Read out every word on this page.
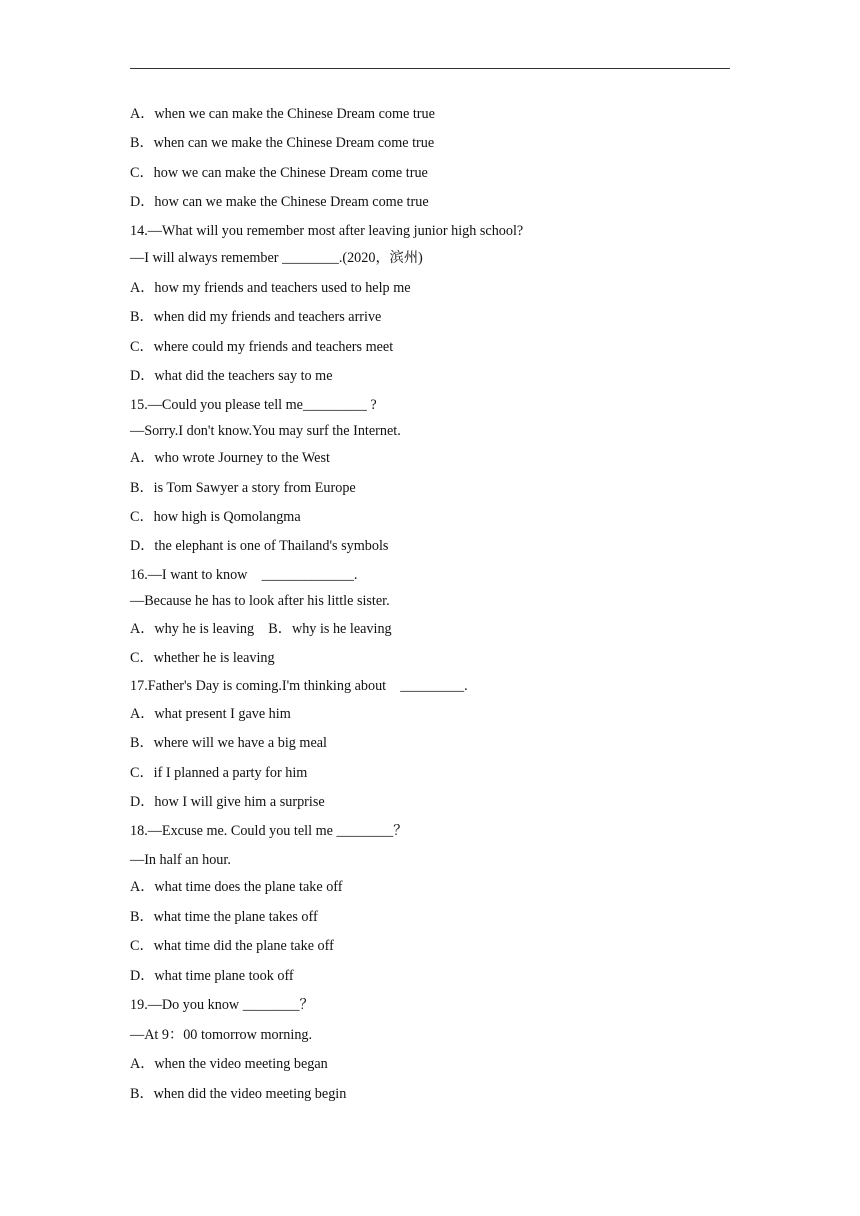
A．when we can make the Chinese Dream come true
B．when can we make the Chinese Dream come true
C．how we can make the Chinese Dream come true
D．how can we make the Chinese Dream come true
14.—What will you remember most after leaving junior high school?
—I will always remember ________.(2020，滨州)
A．how my friends and teachers used to help me
B．when did my friends and teachers arrive
C．where could my friends and teachers meet
D．what did the teachers say to me
15.—Could you please tell me_________ ?
—Sorry.I don't know.You may surf the Internet.
A．who wrote Journey to the West
B．is Tom Sawyer a story from Europe
C．how high is Qomolangma
D．the elephant is one of Thailand's symbols
16.—I want to know    _____________.
—Because he has to look after his little sister.
A．why he is leaving    B．why is he leaving
C．whether he is leaving
17.Father's Day is coming.I'm thinking about    _________.
A．what present I gave him
B．where will we have a big meal
C．if I planned a party for him
D．how I will give him a surprise
18.—Excuse me. Could you tell me ________？
—In half an hour.
A．what time does the plane take off
B．what time the plane takes off
C．what time did the plane take off
D．what time plane took off
19.—Do you know ________？
—At 9：00 tomorrow morning.
A．when the video meeting began
B．when did the video meeting begin
